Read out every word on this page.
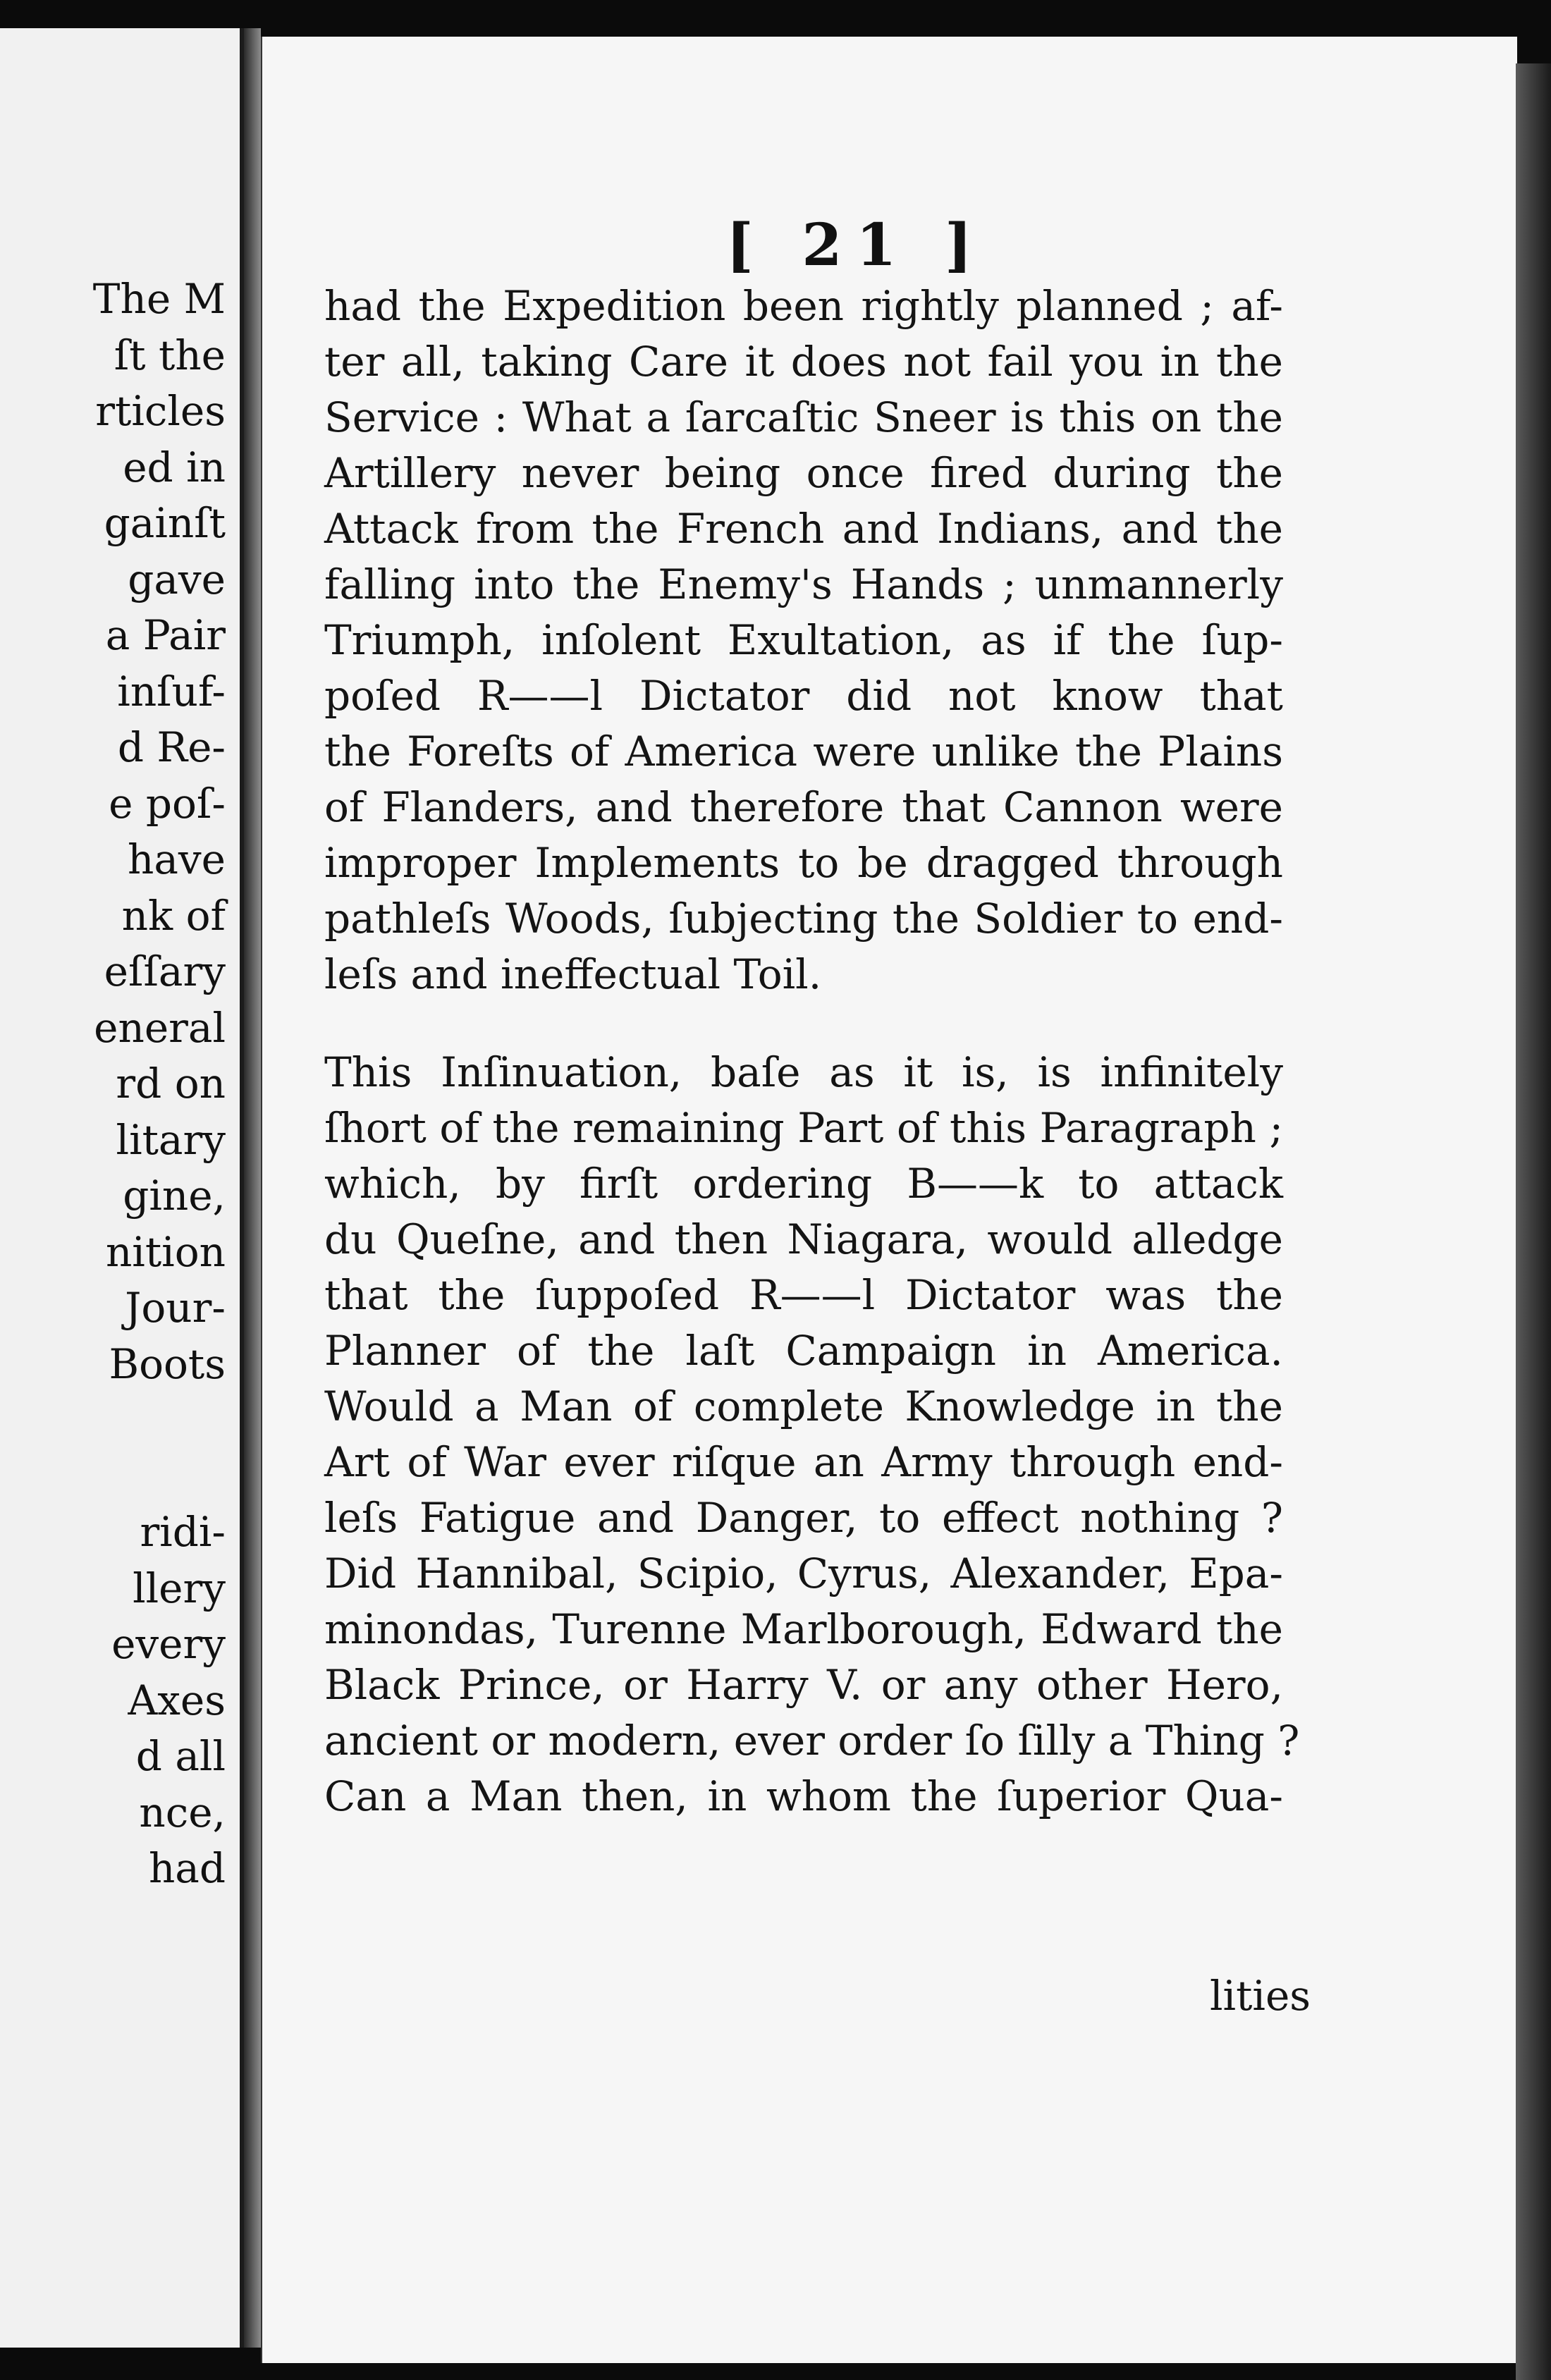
The M
ſt the
rticles
ed in
gainſt
gave
a Pair
inſuf-
d Re-
e poſ-
have
nk of
eſſary
eneral
rd on
litary
gine,
nition
Jour-
Boots
ridi-
llery
every
Axes
d all
nce,
had
[ 21 ]
had the Expedition been rightly planned ; af-
ter all, taking Care it does not fail you in the
Service : What a ſarcaſtic Sneer is this on the
Artillery never being once fired during the
Attack from the French and Indians, and the
falling into the Enemy's Hands ; unmannerly
Triumph, inſolent Exultation, as if the ſup-
poſed R——l Dictator did not know that
the Foreſts of America were unlike the Plains
of Flanders, and therefore that Cannon were
improper Implements to be dragged through
pathleſs Woods, ſubjecting the Soldier to end-
leſs and ineffectual Toil.
This Inſinuation, baſe as it is, is infinitely
ſhort of the remaining Part of this Paragraph ;
which, by firſt ordering B——k to attack
du Queſne, and then Niagara, would alledge
that the ſuppoſed R——l Dictator was the
Planner of the laſt Campaign in America.
Would a Man of complete Knowledge in the
Art of War ever riſque an Army through end-
leſs Fatigue and Danger, to effect nothing ?
Did Hannibal, Scipio, Cyrus, Alexander, Epa-
minondas, Turenne Marlborough, Edward the
Black Prince, or Harry V. or any other Hero,
ancient or modern, ever order ſo ſilly a Thing ?
Can a Man then, in whom the ſuperior Qua-
lities
